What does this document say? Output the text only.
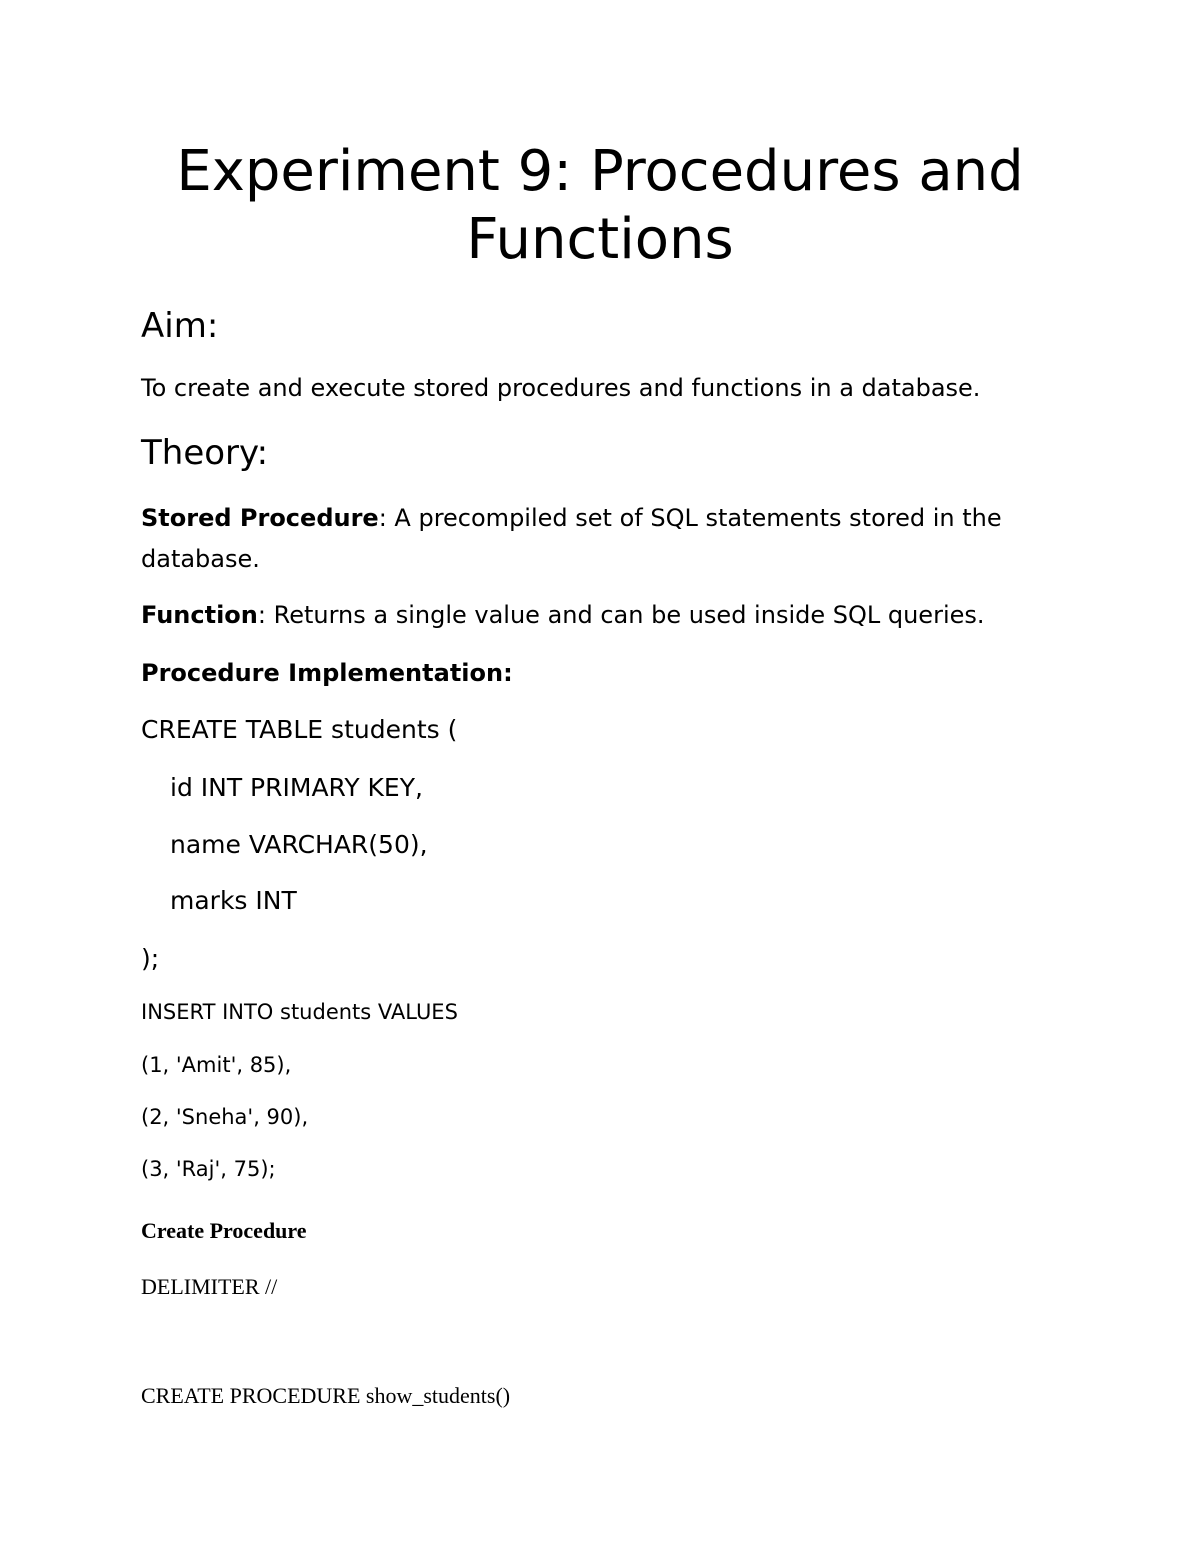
Experiment 9: Procedures and
Functions
Aim:

To create and execute stored procedures and functions in a database.

Theory:

Stored Procedure: A precompiled set of SQL statements stored in the database.

Function: Returns a single value and can be used inside SQL queries.

Procedure Implementation:

CREATE TABLE students (

id INT PRIMARY KEY,

name VARCHAR(50),

marks INT

);

INSERT INTO students VALUES

(1, 'Amit', 85),

(2, 'Sneha', 90),

(3, 'Raj', 75);

Create Procedure

DELIMITER //

CREATE PROCEDURE show_students()
